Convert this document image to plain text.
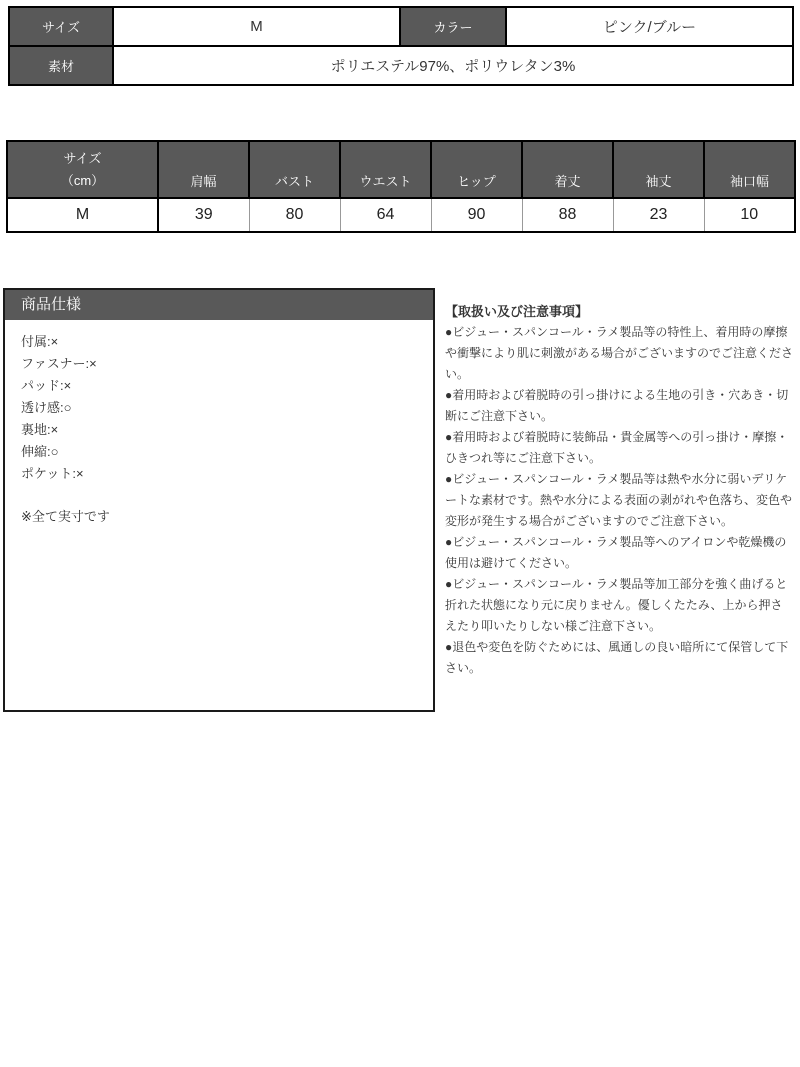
サイズ	M	カラー	ピンク/ブルー
素材	ポリエステル97%、ポリウレタン3%		
サイズ
（cm）	肩幅	バスト	ウエスト	ヒップ	着丈	袖丈	袖口幅
M	39	80	64	90	88	23	10
商品仕様
付属:×
ファスナー:×
パッド:×
透け感:○
裏地:×
伸縮:○
ポケット:×
※全て実寸です
【取扱い及び注意事項】

●ビジュー・スパンコール・ラメ製品等の特性上、着用時の摩擦や衝撃により肌に刺激がある場合がございますのでご注意ください。

●着用時および着脱時の引っ掛けによる生地の引き・穴あき・切断にご注意下さい。

●着用時および着脱時に装飾品・貴金属等への引っ掛け・摩擦・ひきつれ等にご注意下さい。

●ビジュー・スパンコール・ラメ製品等は熱や水分に弱いデリケートな素材です。熱や水分による表面の剥がれや色落ち、変色や変形が発生する場合がございますのでご注意下さい。

●ビジュー・スパンコール・ラメ製品等へのアイロンや乾燥機の使用は避けてください。

●ビジュー・スパンコール・ラメ製品等加工部分を強く曲げると折れた状態になり元に戻りません。優しくたたみ、上から押さえたり叩いたりしない様ご注意下さい。

●退色や変色を防ぐためには、風通しの良い暗所にて保管して下さい。
